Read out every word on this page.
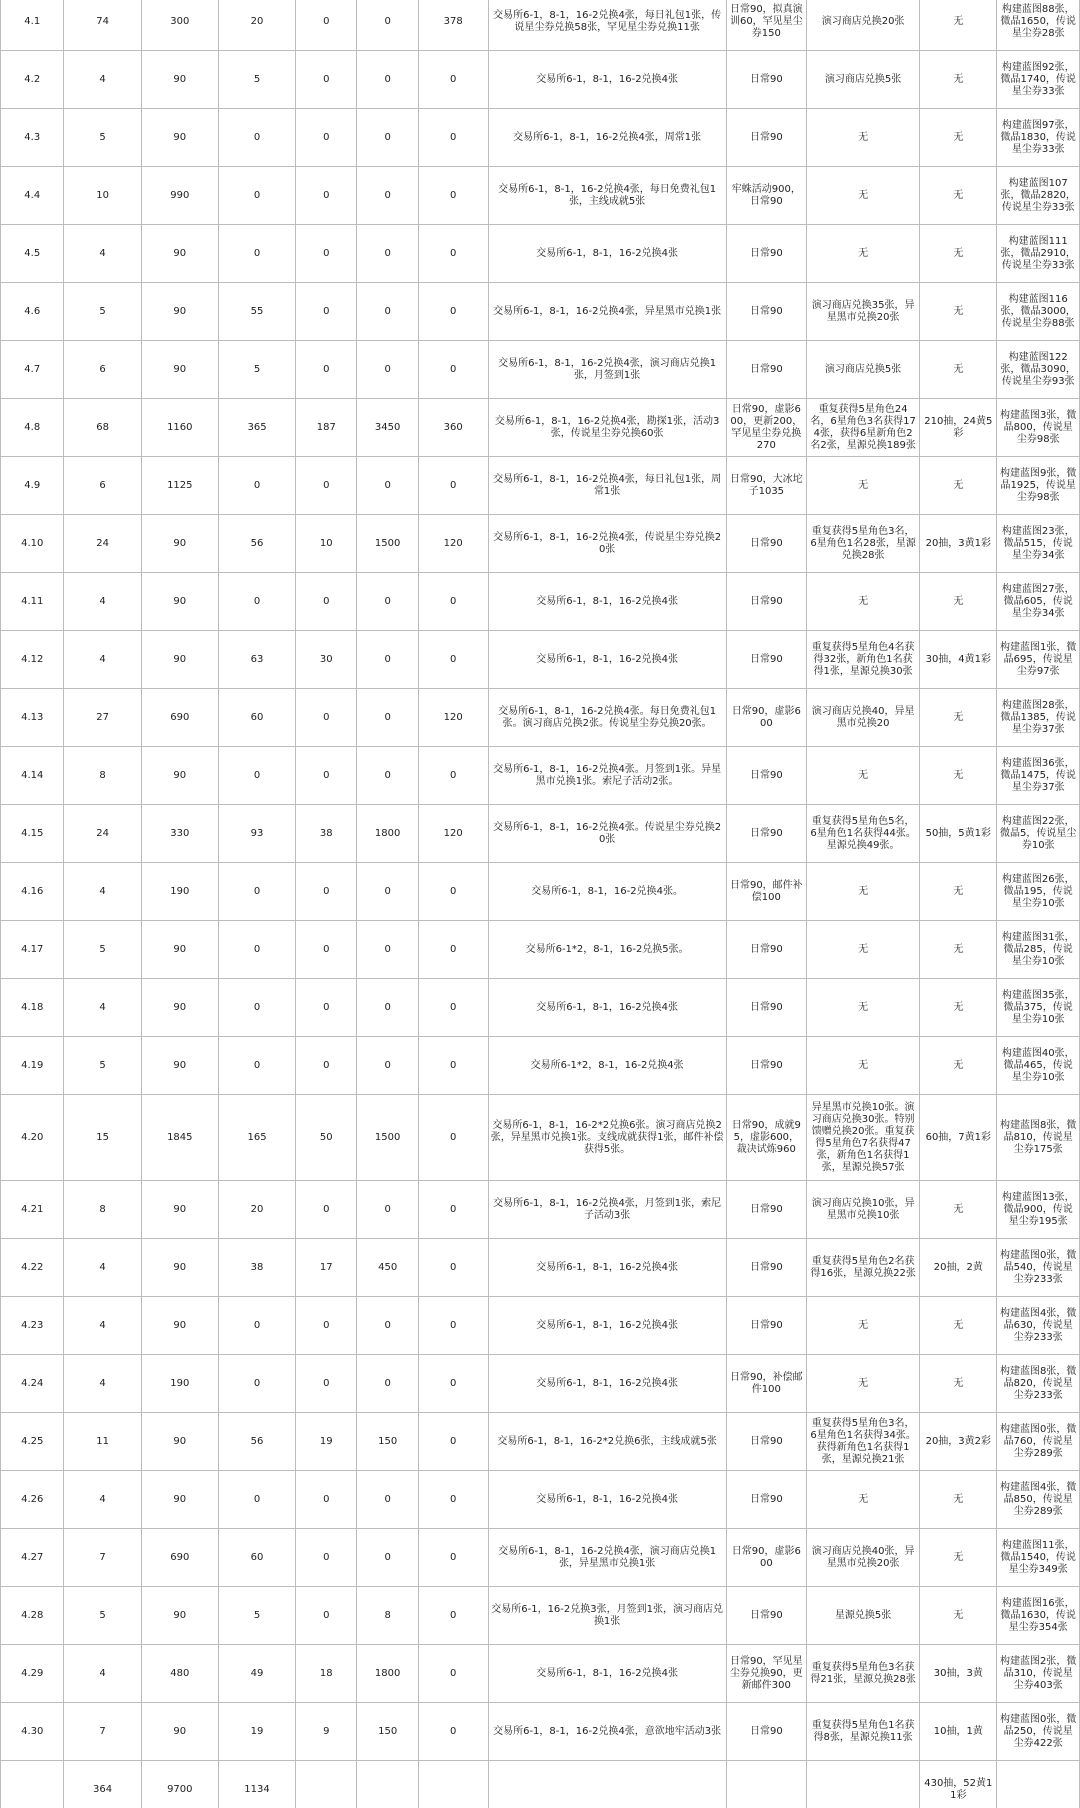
4.1	74	300	20	0	0	378	交易所6-1，8-1，16-2兑换4张，每日礼包1张，传说星尘券兑换58张，罕见星尘券兑换11张	日常90，拟真演训60，罕见星尘券150	演习商店兑换20张	无	构建蓝图88张，微晶1650，传说星尘券28张
4.2	4	90	5	0	0	0	交易所6-1，8-1，16-2兑换4张	日常90	演习商店兑换5张	无	构建蓝图92张，微晶1740，传说星尘券33张
4.3	5	90	0	0	0	0	交易所6-1，8-1，16-2兑换4张，周常1张	日常90	无	无	构建蓝图97张，微晶1830，传说星尘券33张
4.4	10	990	0	0	0	0	交易所6-1，8-1，16-2兑换4张，每日免费礼包1张，主线成就5张	牢蛛活动900，日常90	无	无	构建蓝图107张，微晶2820，传说星尘券33张
4.5	4	90	0	0	0	0	交易所6-1，8-1，16-2兑换4张	日常90	无	无	构建蓝图111张，微晶2910，传说星尘券33张
4.6	5	90	55	0	0	0	交易所6-1，8-1，16-2兑换4张，异星黑市兑换1张	日常90	演习商店兑换35张，异星黑市兑换20张	无	构建蓝图116张，微晶3000，传说星尘券88张
4.7	6	90	5	0	0	0	交易所6-1，8-1，16-2兑换4张，演习商店兑换1张，月签到1张	日常90	演习商店兑换5张	无	构建蓝图122张，微晶3090，传说星尘券93张
4.8	68	1160	365	187	3450	360	交易所6-1，8-1，16-2兑换4张，勘探1张，活动3张，传说星尘券兑换60张	日常90，虚影600，更新200，罕见星尘券兑换270	重复获得5星角色24名，6星角色3名获得174张，获得6星新角色2名2张，星源兑换189张	210抽，24黄5彩	构建蓝图3张，微晶800，传说星尘券98张
4.9	6	1125	0	0	0	0	交易所6-1，8-1，16-2兑换4张，每日礼包1张，周常1张	日常90，大冰坨子1035	无	无	构建蓝图9张，微晶1925，传说星尘券98张
4.10	24	90	56	10	1500	120	交易所6-1，8-1，16-2兑换4张，传说星尘券兑换20张	日常90	重复获得5星角色3名，6星角色1名28张，星源兑换28张	20抽，3黄1彩	构建蓝图23张，微晶515，传说星尘券34张
4.11	4	90	0	0	0	0	交易所6-1，8-1，16-2兑换4张	日常90	无	无	构建蓝图27张，微晶605，传说星尘券34张
4.12	4	90	63	30	0	0	交易所6-1，8-1，16-2兑换4张	日常90	重复获得5星角色4名获得32张，新角色1名获得1张，星源兑换30张	30抽，4黄1彩	构建蓝图1张，微晶695，传说星尘券97张
4.13	27	690	60	0	0	120	交易所6-1，8-1，16-2兑换4张。每日免费礼包1张。演习商店兑换2张。传说星尘券兑换20张。	日常90，虚影600	演习商店兑换40，异星黑市兑换20	无	构建蓝图28张，微晶1385，传说星尘券37张
4.14	8	90	0	0	0	0	交易所6-1，8-1，16-2兑换4张。月签到1张。异星黑市兑换1张。索尼子活动2张。	日常90	无	无	构建蓝图36张，微晶1475，传说星尘券37张
4.15	24	330	93	38	1800	120	交易所6-1，8-1，16-2兑换4张。传说星尘券兑换20张	日常90	重复获得5星角色5名，6星角色1名获得44张。星源兑换49张。	50抽，5黄1彩	构建蓝图22张，微晶5，传说星尘券10张
4.16	4	190	0	0	0	0	交易所6-1，8-1，16-2兑换4张。	日常90，邮件补偿100	无	无	构建蓝图26张，微晶195，传说星尘券10张
4.17	5	90	0	0	0	0	交易所6-1*2，8-1，16-2兑换5张。	日常90	无	无	构建蓝图31张，微晶285，传说星尘券10张
4.18	4	90	0	0	0	0	交易所6-1，8-1，16-2兑换4张	日常90	无	无	构建蓝图35张，微晶375，传说星尘券10张
4.19	5	90	0	0	0	0	交易所6-1*2，8-1，16-2兑换4张	日常90	无	无	构建蓝图40张，微晶465，传说星尘券10张
4.20	15	1845	165	50	1500	0	交易所6-1，8-1，16-2*2兑换6张。演习商店兑换2张，异星黑市兑换1张。支线成就获得1张，邮件补偿获得5张。	日常90，成就95，虚影600，裁决试炼960	异星黑市兑换10张。演习商店兑换30张。特别馈赠兑换20张。重复获得5星角色7名获得47张，新角色1名获得1张，星源兑换57张	60抽，7黄1彩	构建蓝图8张，微晶810，传说星尘券175张
4.21	8	90	20	0	0	0	交易所6-1，8-1，16-2兑换4张，月签到1张，索尼子活动3张	日常90	演习商店兑换10张，异星黑市兑换10张	无	构建蓝图13张，微晶900，传说星尘券195张
4.22	4	90	38	17	450	0	交易所6-1，8-1，16-2兑换4张	日常90	重复获得5星角色2名获得16张，星源兑换22张	20抽，2黄	构建蓝图0张，微晶540，传说星尘券233张
4.23	4	90	0	0	0	0	交易所6-1，8-1，16-2兑换4张	日常90	无	无	构建蓝图4张，微晶630，传说星尘券233张
4.24	4	190	0	0	0	0	交易所6-1，8-1，16-2兑换4张	日常90，补偿邮件100	无	无	构建蓝图8张，微晶820，传说星尘券233张
4.25	11	90	56	19	150	0	交易所6-1，8-1，16-2*2兑换6张，主线成就5张	日常90	重复获得5星角色3名，6星角色1名获得34张。获得新角色1名获得1张，星源兑换21张	20抽，3黄2彩	构建蓝图0张，微晶760，传说星尘券289张
4.26	4	90	0	0	0	0	交易所6-1，8-1，16-2兑换4张	日常90	无	无	构建蓝图4张，微晶850，传说星尘券289张
4.27	7	690	60	0	0	0	交易所6-1，8-1，16-2兑换4张，演习商店兑换1张，异星黑市兑换1张	日常90，虚影600	演习商店兑换40张，异星黑市兑换20张	无	构建蓝图11张，微晶1540，传说星尘券349张
4.28	5	90	5	0	8	0	交易所6-1，16-2兑换3张，月签到1张，演习商店兑换1张	日常90	星源兑换5张	无	构建蓝图16张，微晶1630，传说星尘券354张
4.29	4	480	49	18	1800	0	交易所6-1，8-1，16-2兑换4张	日常90，罕见星尘券兑换90，更新邮件300	重复获得5星角色3名获得21张，星源兑换28张	30抽，3黄	构建蓝图2张，微晶310，传说星尘券403张
4.30	7	90	19	9	150	0	交易所6-1，8-1，16-2兑换4张，意欲地牢活动3张	日常90	重复获得5星角色1名获得8张，星源兑换11张	10抽，1黄	构建蓝图0张，微晶250，传说星尘券422张
	364	9700	1134							430抽，52黄11彩	
